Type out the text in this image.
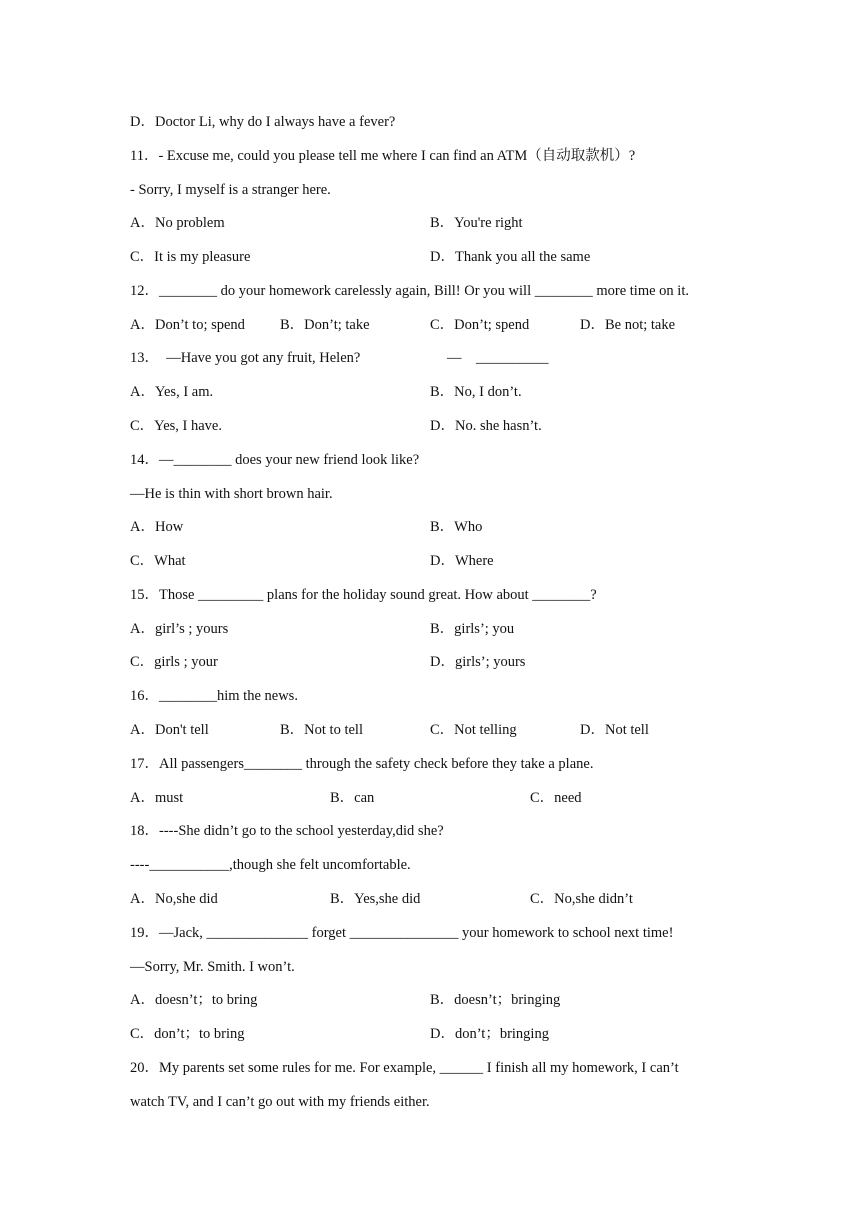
D．Doctor Li, why do I always have a fever?
11．- Excuse me, could you please tell me where I can find an ATM（自动取款机）?
- Sorry, I myself is a stranger here.
A．No problem	B．You're right
C．It is my pleasure	D．Thank you all the same
12．________ do your homework carelessly again, Bill! Or you will ________ more time on it.
A．Don’t to; spend B．Don’t; take	C．Don’t; spend	D．Be not; take
13．  —Have you got any fruit, Helen?	—    __________
A．Yes, I am.	B．No, I don’t.
C．Yes, I have.	D．No. she hasn’t.
14．—________ does your new friend look like?
—He is thin with short brown hair.
A．How	B．Who
C．What	D．Where
15．Those _________ plans for the holiday sound great. How about ________?
A．girl’s ; yours	B．girls’; you
C．girls ; your	D．girls’; yours
16．________him the news.
A．Don't tell	B．Not to tell	C．Not telling	D．Not tell
17．All passengers________ through the safety check before they take a plane.
A．must	B．can	C．need
18．----She didn’t go to the school yesterday,did she?
----___________,though she felt uncomfortable.
A．No,she did	B．Yes,she did	C．No,she didn’t
19．—Jack, ______________ forget _______________ your homework to school next time!
—Sorry, Mr. Smith. I won’t.
A．doesn’t；to bring	B．doesn’t；bringing
C．don’t；to bring	D．don’t；bringing
20．My parents set some rules for me. For example, ______ I finish all my homework, I can’t
watch TV, and I can’t go out with my friends either.
